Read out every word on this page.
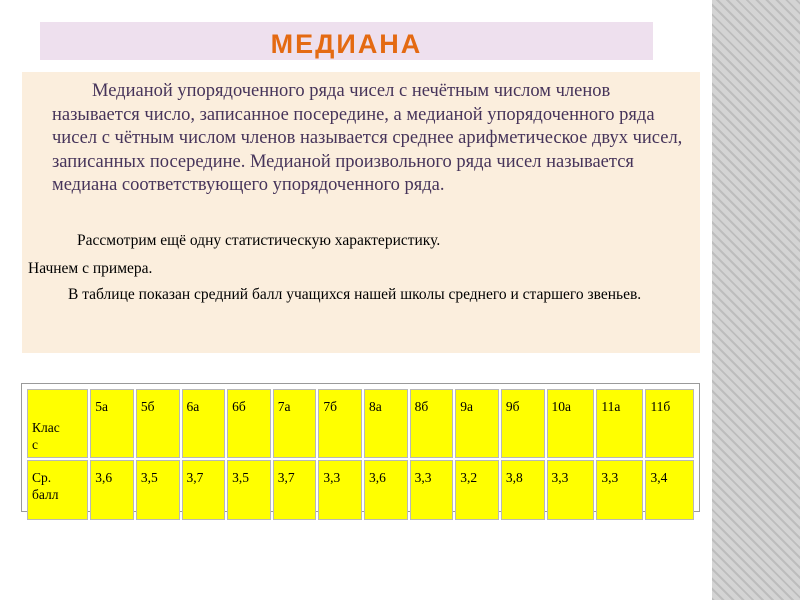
МЕДИАНА

Медианой упорядоченного ряда чисел с нечётным числом членов называется число, записанное посередине, а медианой упорядоченного ряда чисел с чётным числом членов называется среднее арифметическое двух чисел, записанных посередине. Медианой произвольного ряда чисел называется медиана соответствующего упорядоченного ряда.

Рассмотрим ещё одну статистическую характеристику.

Начнем с примера.

В таблице показан средний балл учащихся нашей школы среднего и старшего звеньев.

Клас
с	5а	5б	6а	6б	7а	7б	8а	8б	9а	9б	10а	11а	11б
Ср.
балл	3,6	3,5	3,7	3,5	3,7	3,3	3,6	3,3	3,2	3,8	3,3	3,3	3,4
